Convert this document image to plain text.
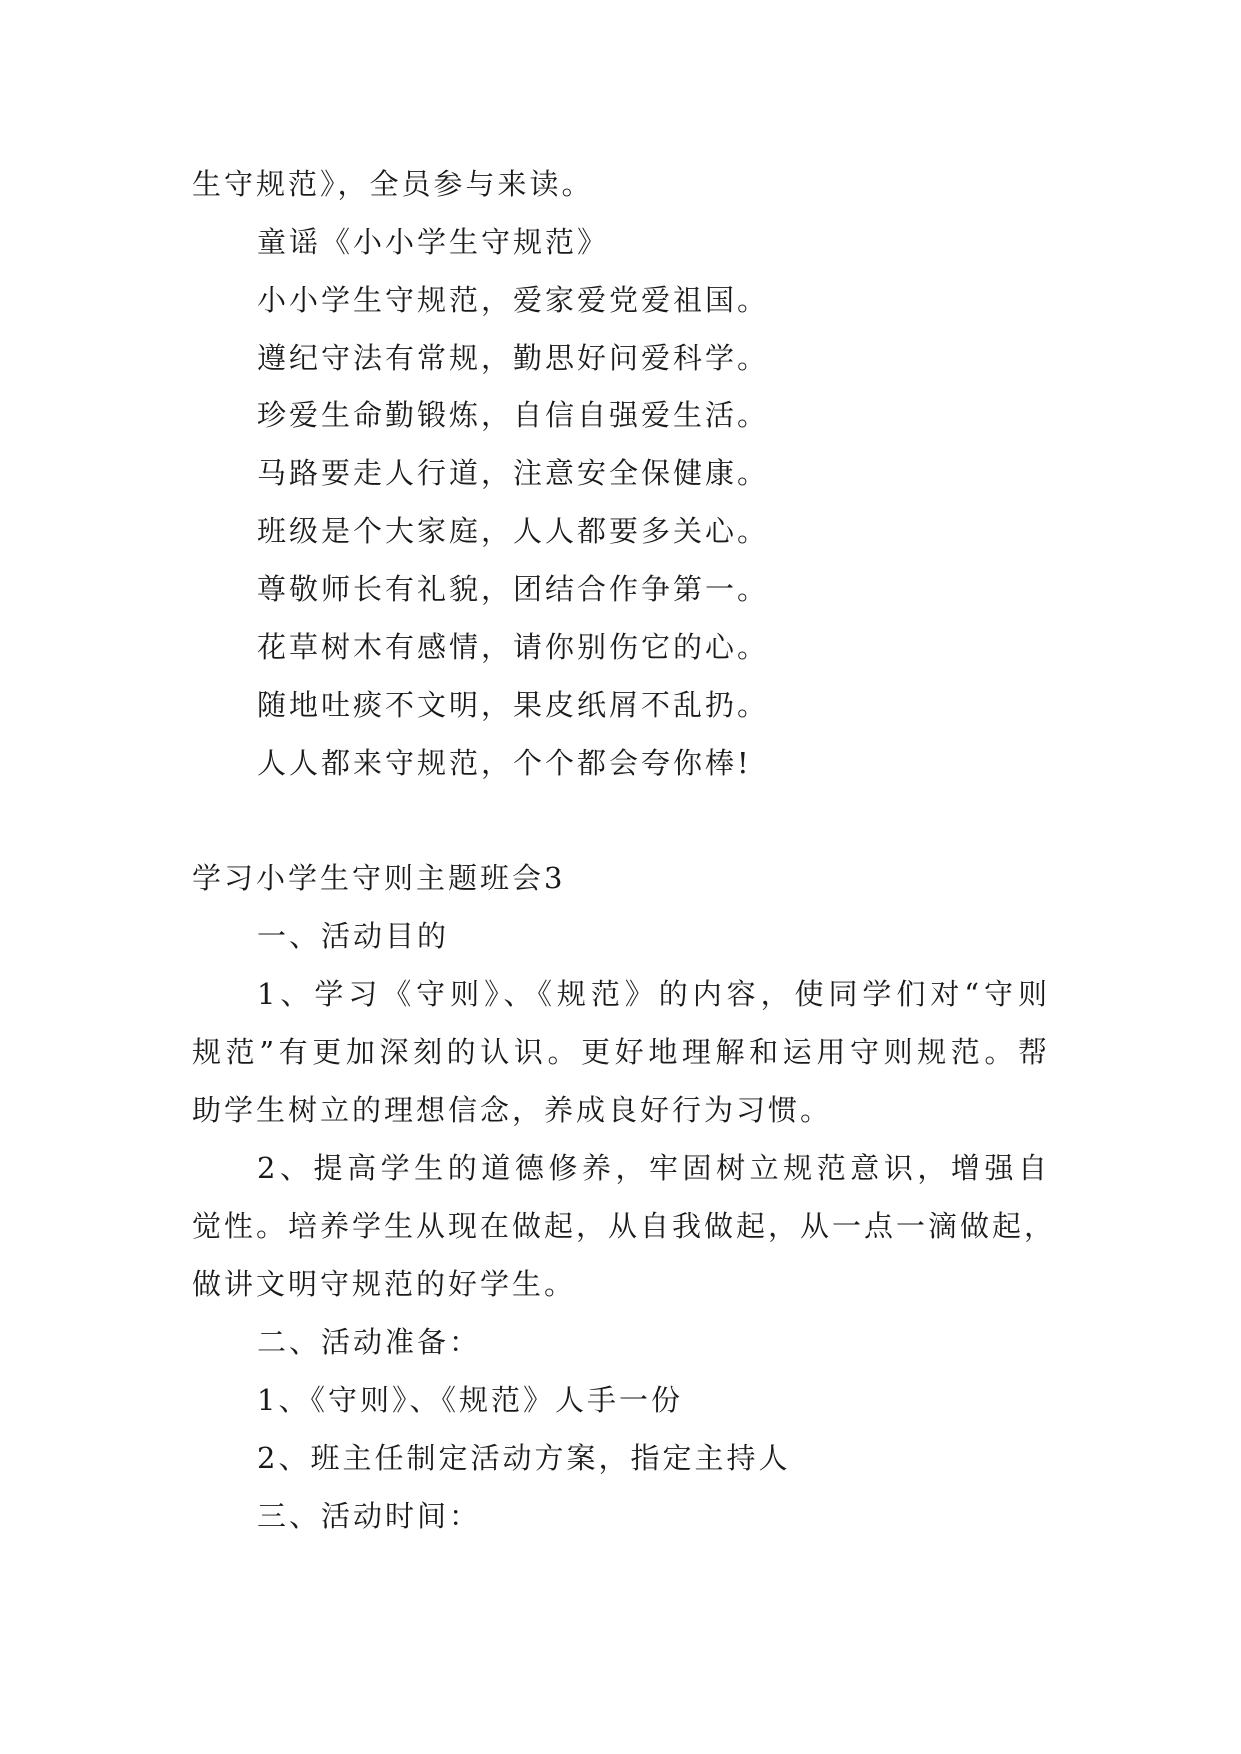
生守规范》，全员参与来读。
童谣《小小学生守规范》
小小学生守规范，爱家爱党爱祖国。
遵纪守法有常规，勤思好问爱科学。
珍爱生命勤锻炼，自信自强爱生活。
马路要走人行道，注意安全保健康。
班级是个大家庭，人人都要多关心。
尊敬师长有礼貌，团结合作争第一。
花草树木有感情，请你别伤它的心。
随地吐痰不文明，果皮纸屑不乱扔。
人人都来守规范，个个都会夸你棒!
学习小学生守则主题班会3
一、活动目的
1、学习《守则》、《规范》的内容，使同学们对“守则
规范”有更加深刻的认识。更好地理解和运用守则规范。帮
助学生树立的理想信念，养成良好行为习惯。
2、提高学生的道德修养，牢固树立规范意识，增强自
觉性。培养学生从现在做起，从自我做起，从一点一滴做起，
做讲文明守规范的好学生。
二、活动准备：
1、《守则》、《规范》人手一份
2、班主任制定活动方案，指定主持人
三、活动时间：
